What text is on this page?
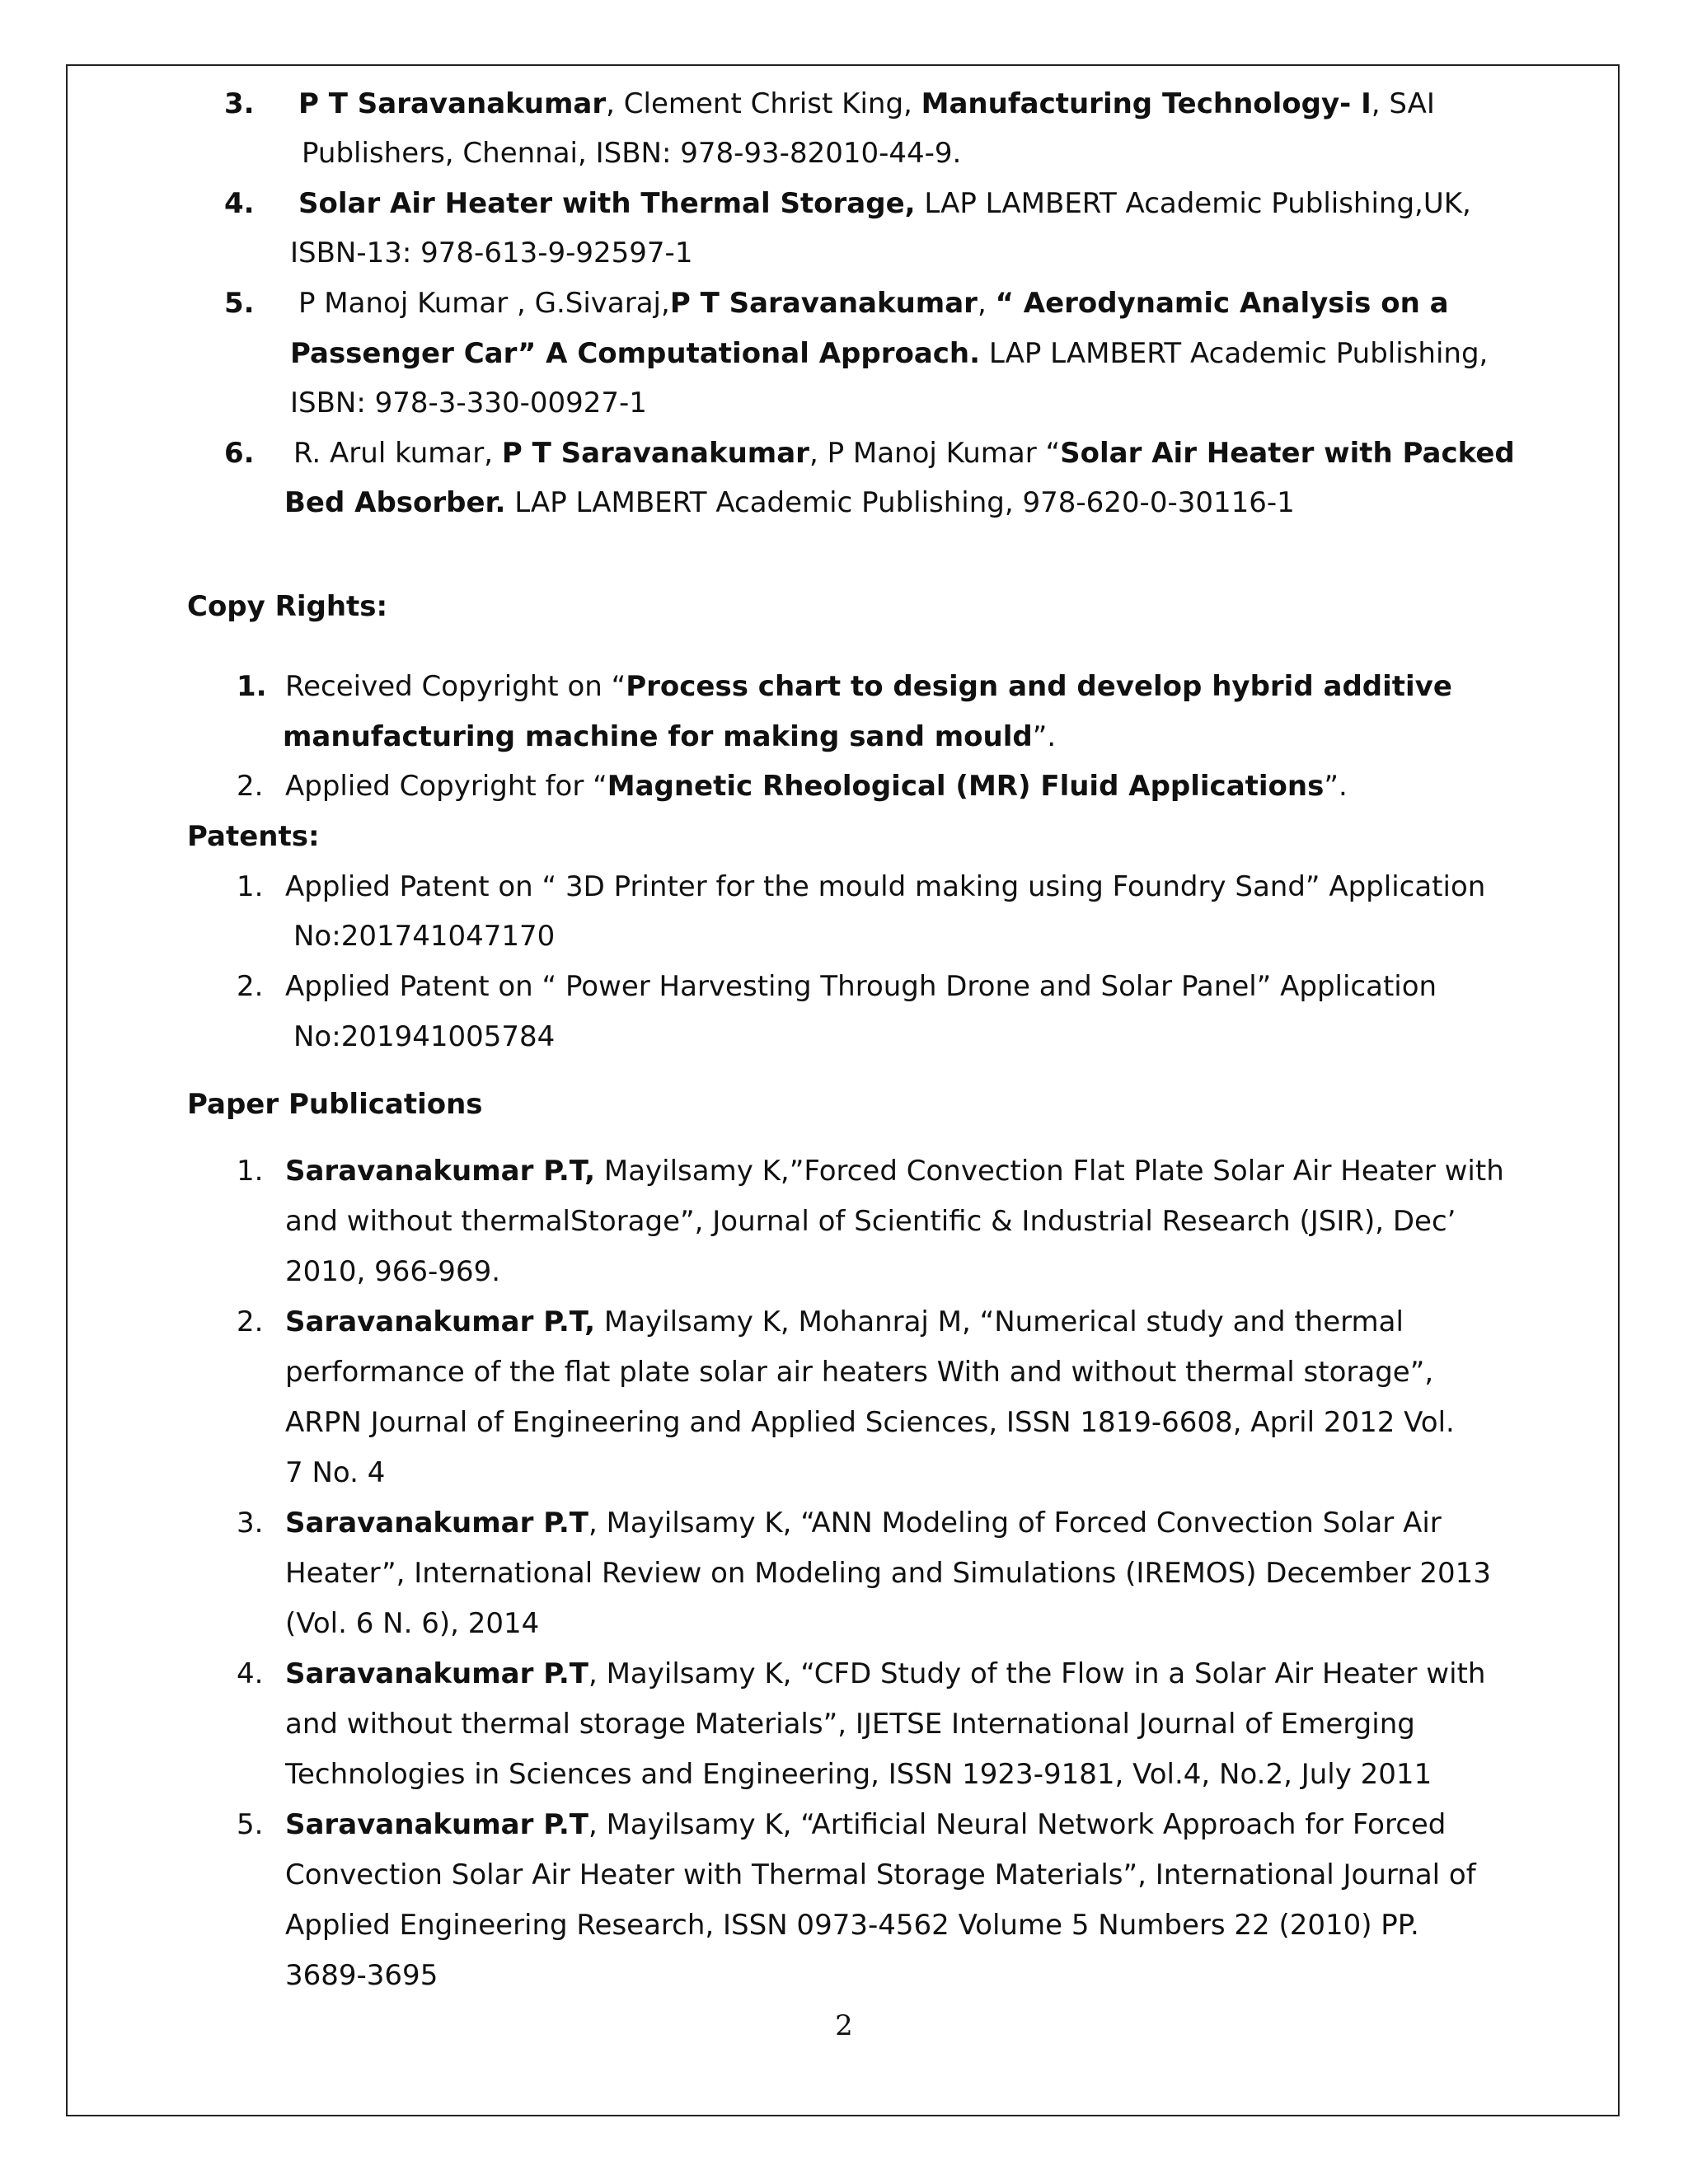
3. P T Saravanakumar, Clement Christ King, Manufacturing Technology- I, SAI
Publishers, Chennai, ISBN: 978-93-82010-44-9.
4. Solar Air Heater with Thermal Storage, LAP LAMBERT Academic Publishing,UK,
ISBN-13: 978-613-9-92597-1
5. P Manoj Kumar , G.Sivaraj,P T Saravanakumar, “ Aerodynamic Analysis on a
Passenger Car” A Computational Approach. LAP LAMBERT Academic Publishing,
ISBN: 978-3-330-00927-1
6. R. Arul kumar, P T Saravanakumar, P Manoj Kumar “Solar Air Heater with Packed
Bed Absorber. LAP LAMBERT Academic Publishing, 978-620-0-30116-1
Copy Rights:
1. Received Copyright on “Process chart to design and develop hybrid additive
manufacturing machine for making sand mould”.
2. Applied Copyright for “Magnetic Rheological (MR) Fluid Applications”.
Patents:
1. Applied Patent on “ 3D Printer for the mould making using Foundry Sand” Application
No:201741047170
2. Applied Patent on “ Power Harvesting Through Drone and Solar Panel” Application
No:201941005784
Paper Publications
1. Saravanakumar P.T, Mayilsamy K,”Forced Convection Flat Plate Solar Air Heater with
and without thermalStorage”, Journal of Scientific & Industrial Research (JSIR), Dec’
2010, 966-969.
2. Saravanakumar P.T, Mayilsamy K, Mohanraj M, “Numerical study and thermal
performance of the flat plate solar air heaters With and without thermal storage”,
ARPN Journal of Engineering and Applied Sciences, ISSN 1819-6608, April 2012 Vol.
7 No. 4
3. Saravanakumar P.T, Mayilsamy K, “ANN Modeling of Forced Convection Solar Air
Heater”, International Review on Modeling and Simulations (IREMOS) December 2013
(Vol. 6 N. 6), 2014
4. Saravanakumar P.T, Mayilsamy K, “CFD Study of the Flow in a Solar Air Heater with
and without thermal storage Materials”, IJETSE International Journal of Emerging
Technologies in Sciences and Engineering, ISSN 1923-9181, Vol.4, No.2, July 2011
5. Saravanakumar P.T, Mayilsamy K, “Artificial Neural Network Approach for Forced
Convection Solar Air Heater with Thermal Storage Materials”, International Journal of
Applied Engineering Research, ISSN 0973-4562 Volume 5 Numbers 22 (2010) PP.
3689-3695
2
